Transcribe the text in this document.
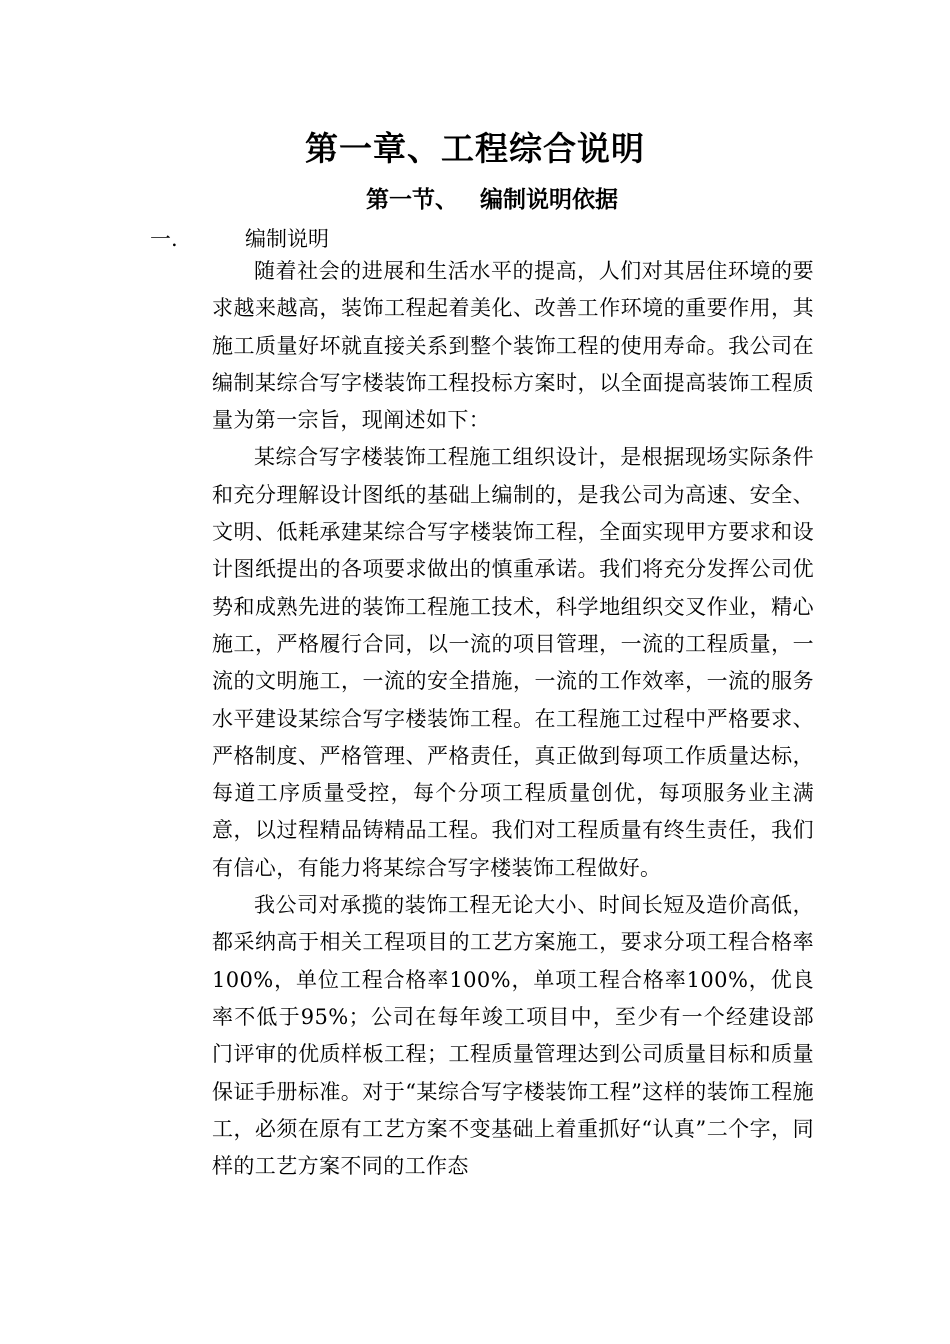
第一章、工程综合说明
第一节、 编制说明依据
一.	编制说明

随着社会的进展和生活水平的提高，人们对其居住环境的要求越来越高，装饰工程起着美化、改善工作环境的重要作用，其施工质量好坏就直接关系到整个装饰工程的使用寿命。我公司在编制某综合写字楼装饰工程投标方案时，以全面提高装饰工程质量为第一宗旨，现阐述如下：

某综合写字楼装饰工程施工组织设计，是根据现场实际条件和充分理解设计图纸的基础上编制的，是我公司为高速、安全、文明、低耗承建某综合写字楼装饰工程，全面实现甲方要求和设计图纸提出的各项要求做出的慎重承诺。我们将充分发挥公司优势和成熟先进的装饰工程施工技术，科学地组织交叉作业，精心施工，严格履行合同，以一流的项目管理，一流的工程质量，一流的文明施工，一流的安全措施，一流的工作效率，一流的服务水平建设某综合写字楼装饰工程。在工程施工过程中严格要求、严格制度、严格管理、严格责任，真正做到每项工作质量达标，每道工序质量受控，每个分项工程质量创优，每项服务业主满意，以过程精品铸精品工程。我们对工程质量有终生责任，我们有信心，有能力将某综合写字楼装饰工程做好。

我公司对承揽的装饰工程无论大小、时间长短及造价高低，都采纳高于相关工程项目的工艺方案施工，要求分项工程合格率100%，单位工程合格率100%，单项工程合格率100%，优良率不低于95%；公司在每年竣工项目中，至少有一个经建设部门评审的优质样板工程；工程质量管理达到公司质量目标和质量保证手册标准。对于“某综合写字楼装饰工程”这样的装饰工程施工，必须在原有工艺方案不变基础上着重抓好“认真”二个字，同样的工艺方案不同的工作态
